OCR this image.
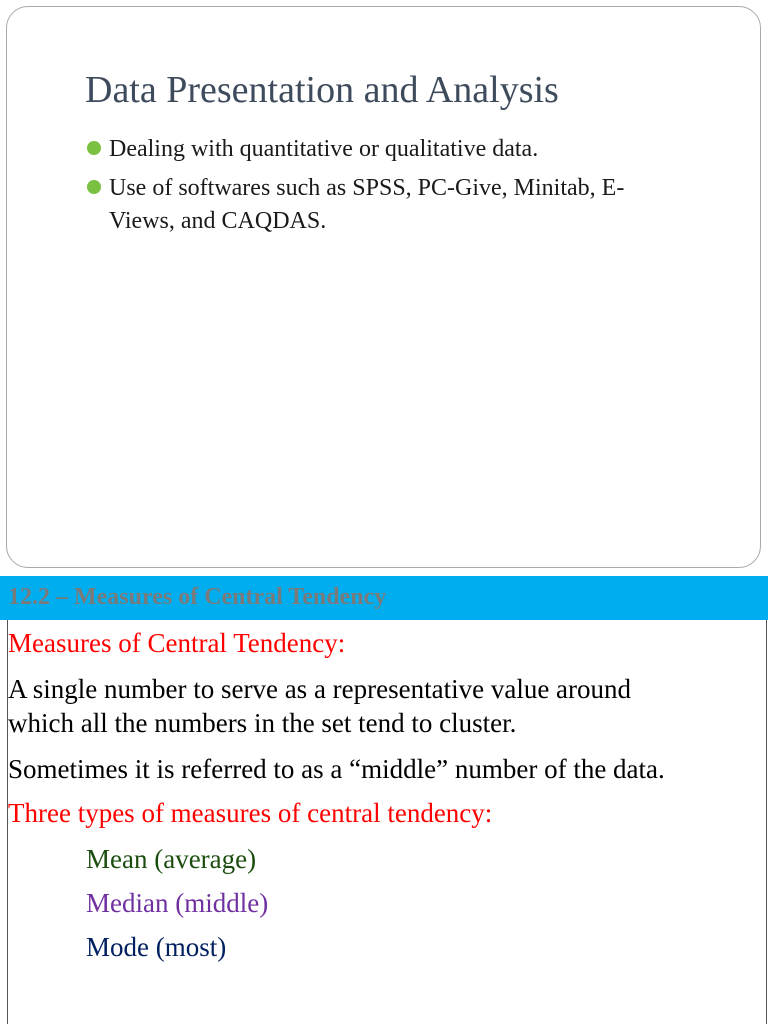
Data Presentation and Analysis
Dealing with quantitative or qualitative data.
Use of softwares such as SPSS, PC-Give, Minitab, E-
Views, and CAQDAS.
12.2 – Measures of Central Tendency
Measures of Central Tendency:
A single number to serve as a representative value around
which all the numbers in the set tend to cluster.
Sometimes it is referred to as a “middle” number of the data.
Three types of measures of central tendency:
Mean (average)
Median (middle)
Mode (most)
